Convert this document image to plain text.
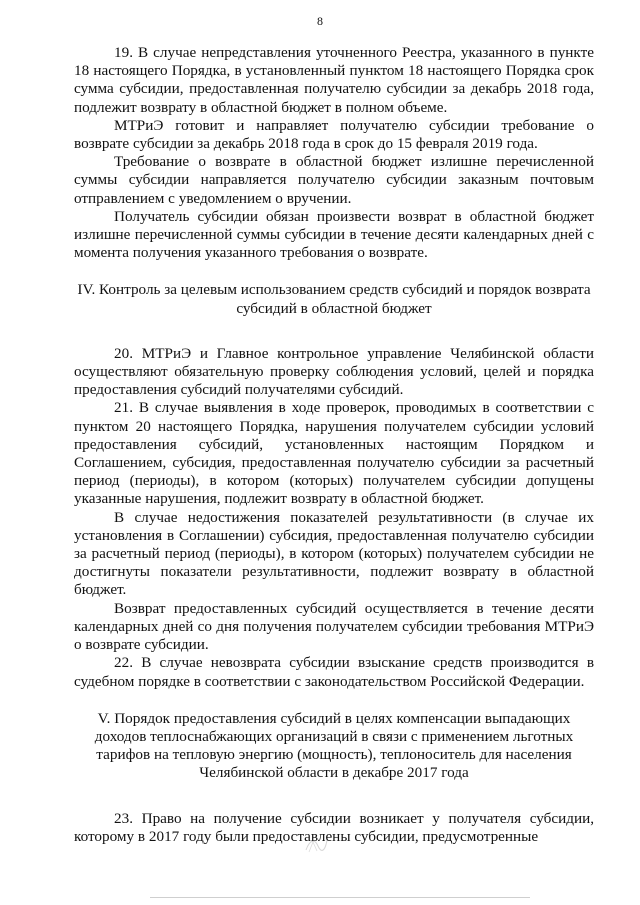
8

19. В случае непредставления уточненного Реестра, указанного в пункте 18 настоящего Порядка, в установленный пунктом 18 настоящего Порядка срок сумма субсидии, предоставленная получателю субсидии за декабрь 2018 года, подлежит возврату в областной бюджет в полном объеме.

МТРиЭ готовит и направляет получателю субсидии требование о возврате субсидии за декабрь 2018 года в срок до 15 февраля 2019 года.

Требование о возврате в областной бюджет излишне перечисленной суммы субсидии направляется получателю субсидии заказным почтовым отправлением с уведомлением о вручении.

Получатель субсидии обязан произвести возврат в областной бюджет излишне перечисленной суммы субсидии в течение десяти календарных дней с момента получения указанного требования о возврате.

IV. Контроль за целевым использованием средств субсидий и порядок возврата субсидий в областной бюджет

20. МТРиЭ и Главное контрольное управление Челябинской области осуществляют обязательную проверку соблюдения условий, целей и порядка предоставления субсидий получателями субсидий.

21. В случае выявления в ходе проверок, проводимых в соответствии с пунктом 20 настоящего Порядка, нарушения получателем субсидии условий предоставления субсидий, установленных настоящим Порядком и Соглашением, субсидия, предоставленная получателю субсидии за расчетный период (периоды), в котором (которых) получателем субсидии допущены указанные нарушения, подлежит возврату в областной бюджет.

В случае недостижения показателей результативности (в случае их установления в Соглашении) субсидия, предоставленная получателю субсидии за расчетный период (периоды), в котором (которых) получателем субсидии не достигнуты показатели результативности, подлежит возврату в областной бюджет.

Возврат предоставленных субсидий осуществляется в течение десяти календарных дней со дня получения получателем субсидии требования МТРиЭ о возврате субсидии.

22. В случае невозврата субсидии взыскание средств производится в судебном порядке в соответствии с законодательством Российской Федерации.

V. Порядок предоставления субсидий в целях компенсации выпадающих доходов теплоснабжающих организаций в связи с применением льготных тарифов на тепловую энергию (мощность), теплоноситель для населения Челябинской области в декабре 2017 года

23. Право на получение субсидии возникает у получателя субсидии, которому в 2017 году были предоставлены субсидии, предусмотренные
